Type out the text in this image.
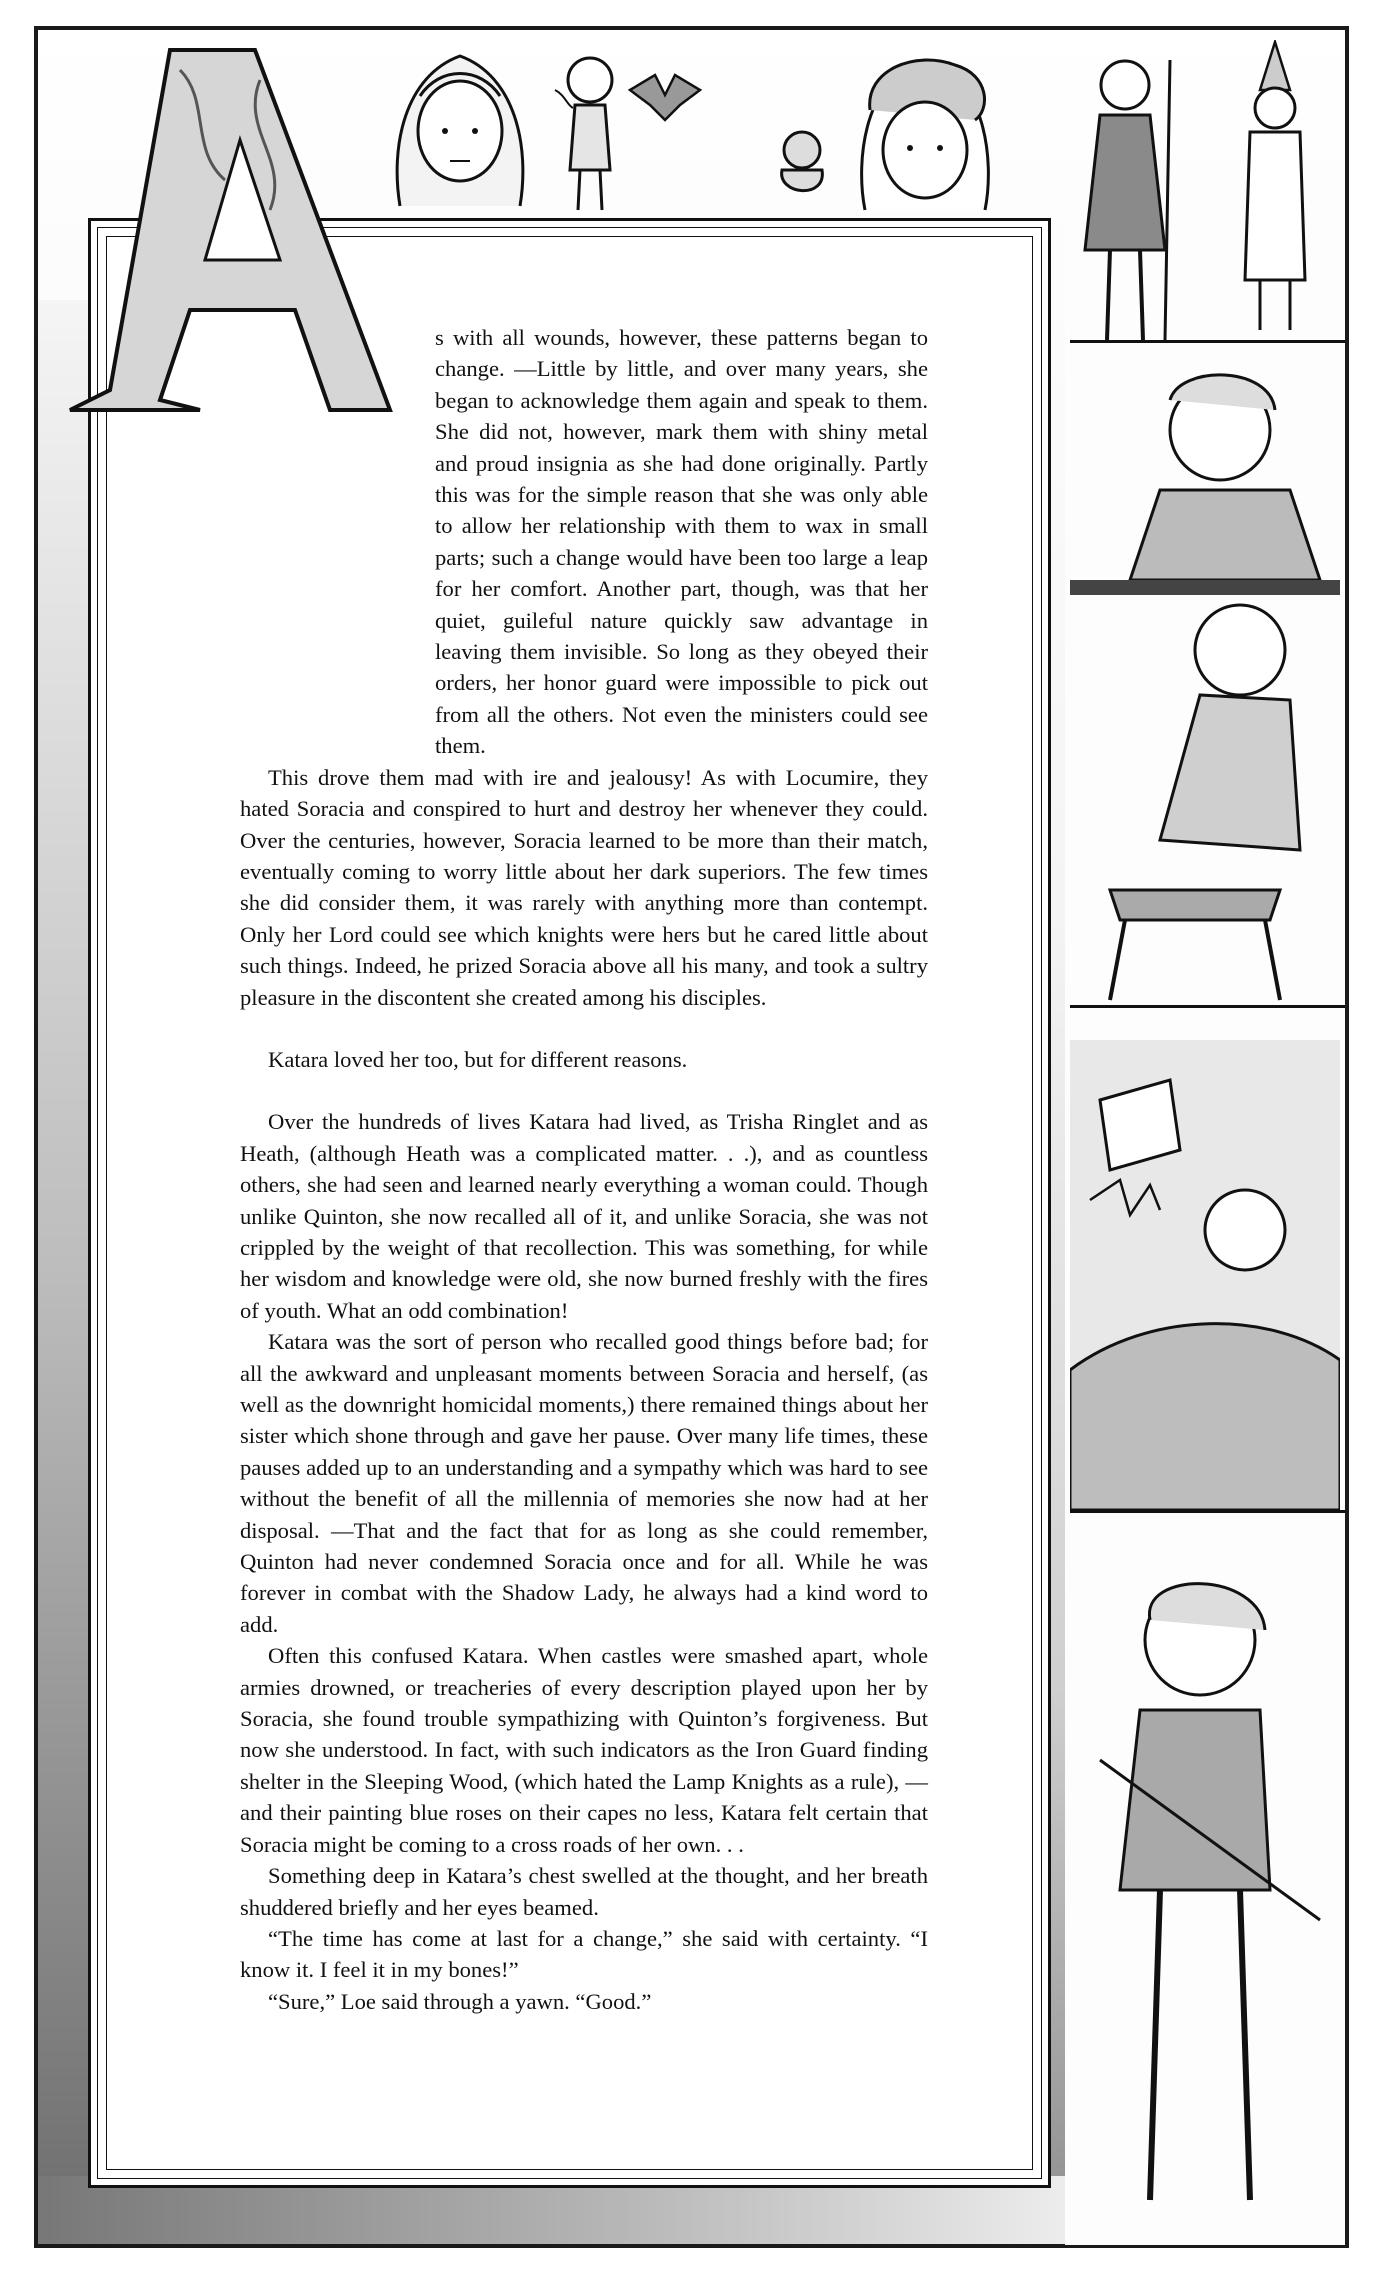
s with all wounds, however, these patterns began to change. —Little by little, and over many years, she began to acknowledge them again and speak to them. She did not, however, mark them with shiny metal and proud insignia as she had done originally. Partly this was for the simple reason that she was only able to allow her relationship with them to wax in small parts; such a change would have been too large a leap for her comfort. Another part, though, was that her quiet, guileful nature quickly saw advantage in leaving them invisible. So long as they obeyed their orders, her honor guard were impossible to pick out from all the others. Not even the ministers could see them.

This drove them mad with ire and jealousy! As with Locumire, they hated Soracia and conspired to hurt and destroy her whenever they could. Over the centuries, however, Soracia learned to be more than their match, eventually coming to worry little about her dark superiors. The few times she did consider them, it was rarely with anything more than contempt. Only her Lord could see which knights were hers but he cared little about such things. Indeed, he prized Soracia above all his many, and took a sultry pleasure in the discontent she created among his disciples.

Katara loved her too, but for different reasons.

Over the hundreds of lives Katara had lived, as Trisha Ringlet and as Heath, (although Heath was a complicated matter. . .), and as countless others, she had seen and learned nearly everything a woman could. Though unlike Quinton, she now recalled all of it, and unlike Soracia, she was not crippled by the weight of that recollection. This was something, for while her wisdom and knowledge were old, she now burned freshly with the fires of youth. What an odd combination!

Katara was the sort of person who recalled good things before bad; for all the awkward and unpleasant moments between Soracia and herself, (as well as the downright homicidal moments,) there remained things about her sister which shone through and gave her pause. Over many life times, these pauses added up to an understanding and a sympathy which was hard to see without the benefit of all the millennia of memories she now had at her disposal. —That and the fact that for as long as she could remember, Quinton had never condemned Soracia once and for all. While he was forever in combat with the Shadow Lady, he always had a kind word to add.

Often this confused Katara. When castles were smashed apart, whole armies drowned, or treacheries of every description played upon her by Soracia, she found trouble sympathizing with Quinton’s forgiveness. But now she understood. In fact, with such indicators as the Iron Guard finding shelter in the Sleeping Wood, (which hated the Lamp Knights as a rule), —and their painting blue roses on their capes no less, Katara felt certain that Soracia might be coming to a cross roads of her own. . .

Something deep in Katara’s chest swelled at the thought, and her breath shuddered briefly and her eyes beamed.

“The time has come at last for a change,” she said with certainty. “I know it. I feel it in my bones!”

“Sure,” Loe said through a yawn. “Good.”
